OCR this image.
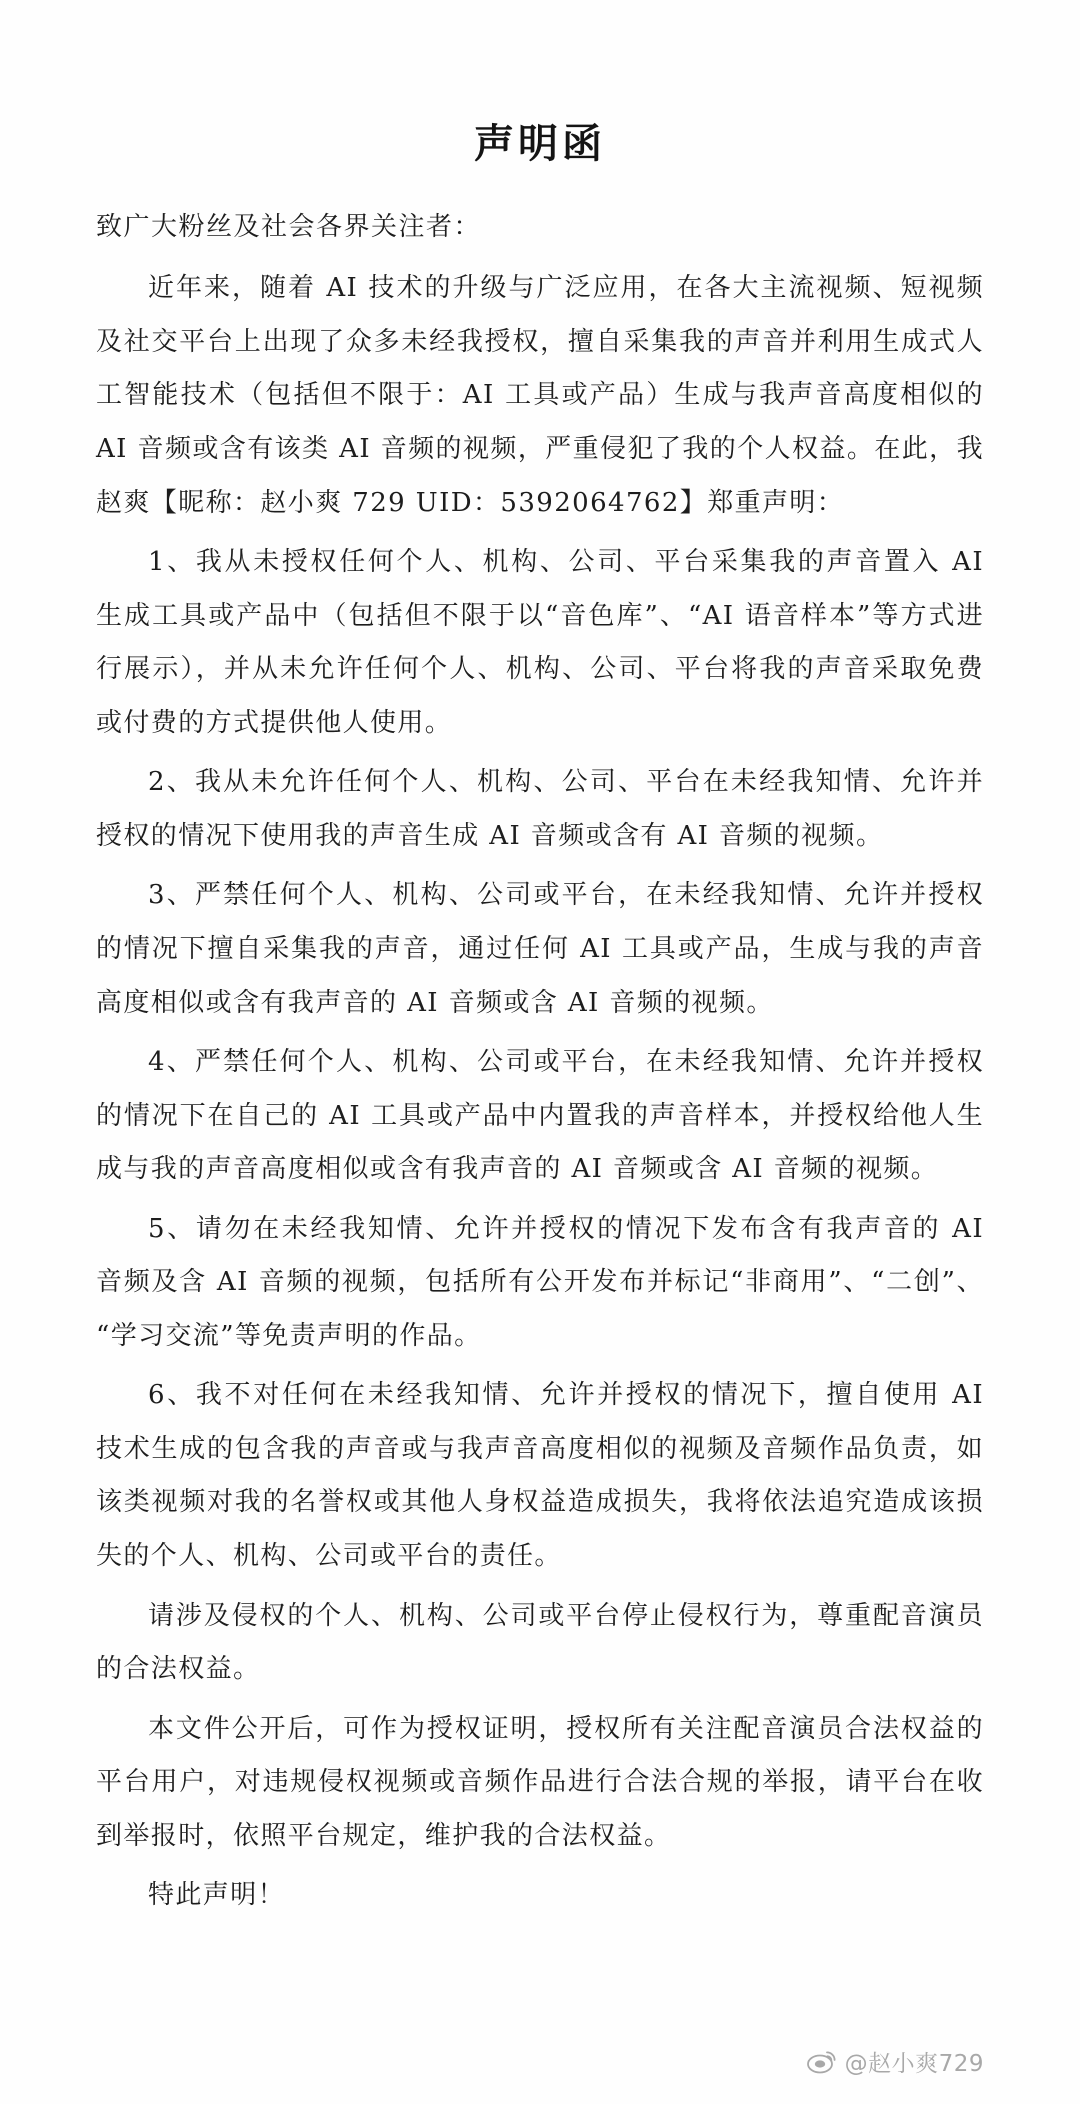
声明函

致广大粉丝及社会各界关注者：

近年来，随着 AI 技术的升级与广泛应用，在各大主流视频、短视频及社交平台上出现了众多未经我授权，擅自采集我的声音并利用生成式人工智能技术（包括但不限于：AI 工具或产品）生成与我声音高度相似的 AI 音频或含有该类 AI 音频的视频，严重侵犯了我的个人权益。在此，我赵爽【昵称：赵小爽 729 UID：5392064762】郑重声明：

1、我从未授权任何个人、机构、公司、平台采集我的声音置入 AI 生成工具或产品中（包括但不限于以“音色库”、“AI 语音样本”等方式进行展示），并从未允许任何个人、机构、公司、平台将我的声音采取免费或付费的方式提供他人使用。

2、我从未允许任何个人、机构、公司、平台在未经我知情、允许并授权的情况下使用我的声音生成 AI 音频或含有 AI 音频的视频。

3、严禁任何个人、机构、公司或平台，在未经我知情、允许并授权的情况下擅自采集我的声音，通过任何 AI 工具或产品，生成与我的声音高度相似或含有我声音的 AI 音频或含 AI 音频的视频。

4、严禁任何个人、机构、公司或平台，在未经我知情、允许并授权的情况下在自己的 AI 工具或产品中内置我的声音样本，并授权给他人生成与我的声音高度相似或含有我声音的 AI 音频或含 AI 音频的视频。

5、请勿在未经我知情、允许并授权的情况下发布含有我声音的 AI 音频及含 AI 音频的视频，包括所有公开发布并标记“非商用”、“二创”、“学习交流”等免责声明的作品。

6、我不对任何在未经我知情、允许并授权的情况下，擅自使用 AI 技术生成的包含我的声音或与我声音高度相似的视频及音频作品负责，如该类视频对我的名誉权或其他人身权益造成损失，我将依法追究造成该损失的个人、机构、公司或平台的责任。

请涉及侵权的个人、机构、公司或平台停止侵权行为，尊重配音演员的合法权益。

本文件公开后，可作为授权证明，授权所有关注配音演员合法权益的平台用户，对违规侵权视频或音频作品进行合法合规的举报，请平台在收到举报时，依照平台规定，维护我的合法权益。

特此声明！

@赵小爽729
